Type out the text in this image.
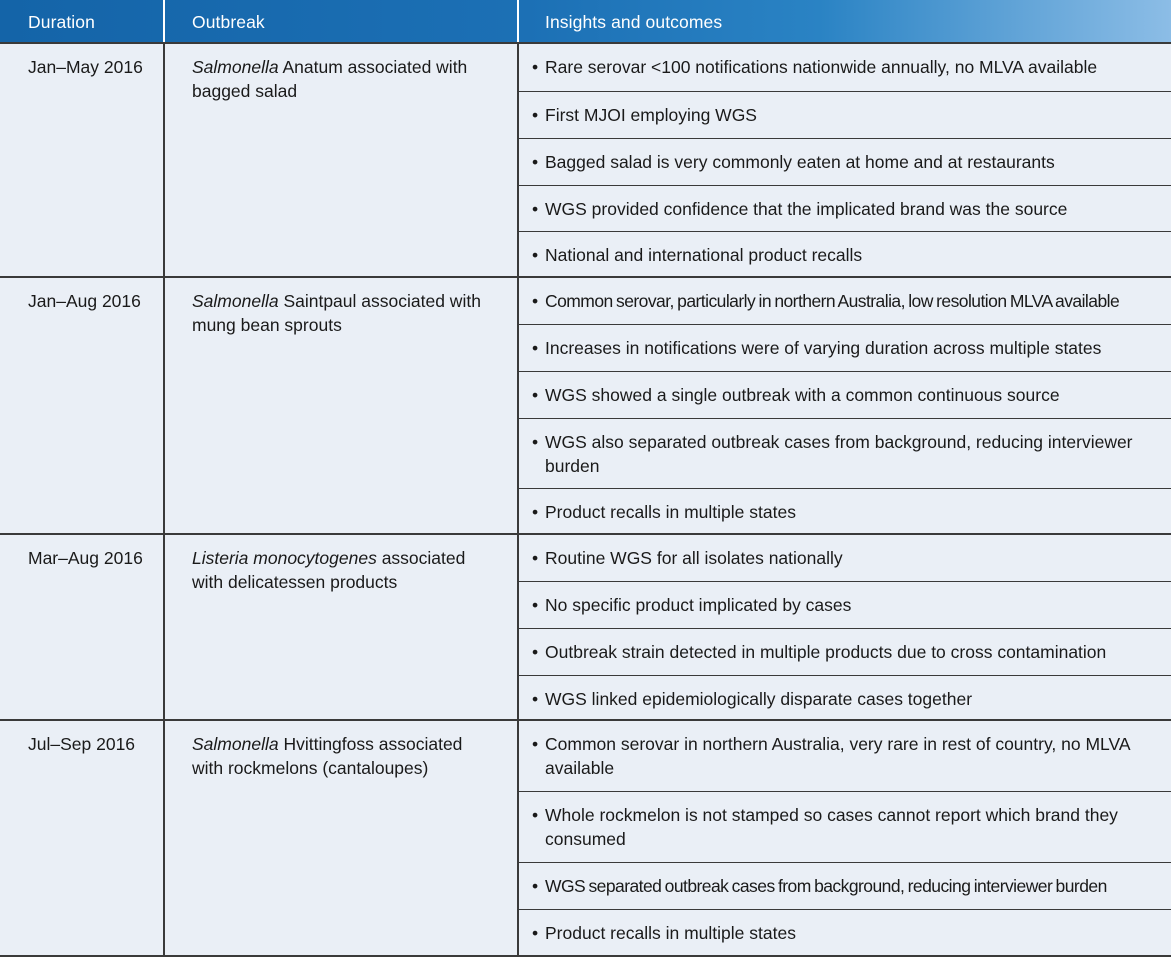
Duration	Outbreak	Insights and outcomes
Jan–May 2016	Salmonella Anatum associated with bagged salad
• Rare serovar <100 notifications nationwide annually, no MLVA available
• First MJOI employing WGS
• Bagged salad is very commonly eaten at home and at restaurants
• WGS provided confidence that the implicated brand was the source
• National and international product recalls
Jan–Aug 2016	Salmonella Saintpaul associated with mung bean sprouts
• Common serovar, particularly in northern Australia, low resolution MLVA available
• Increases in notifications were of varying duration across multiple states
• WGS showed a single outbreak with a common continuous source
• WGS also separated outbreak cases from background, reducing interviewer burden
• Product recalls in multiple states
Mar–Aug 2016	Listeria monocytogenes associated with delicatessen products
• Routine WGS for all isolates nationally
• No specific product implicated by cases
• Outbreak strain detected in multiple products due to cross contamination
• WGS linked epidemiologically disparate cases together
Jul–Sep 2016	Salmonella Hvittingfoss associated with rockmelons (cantaloupes)
• Common serovar in northern Australia, very rare in rest of country, no MLVA available
• Whole rockmelon is not stamped so cases cannot report which brand they consumed
• WGS separated outbreak cases from background, reducing interviewer burden
• Product recalls in multiple states
